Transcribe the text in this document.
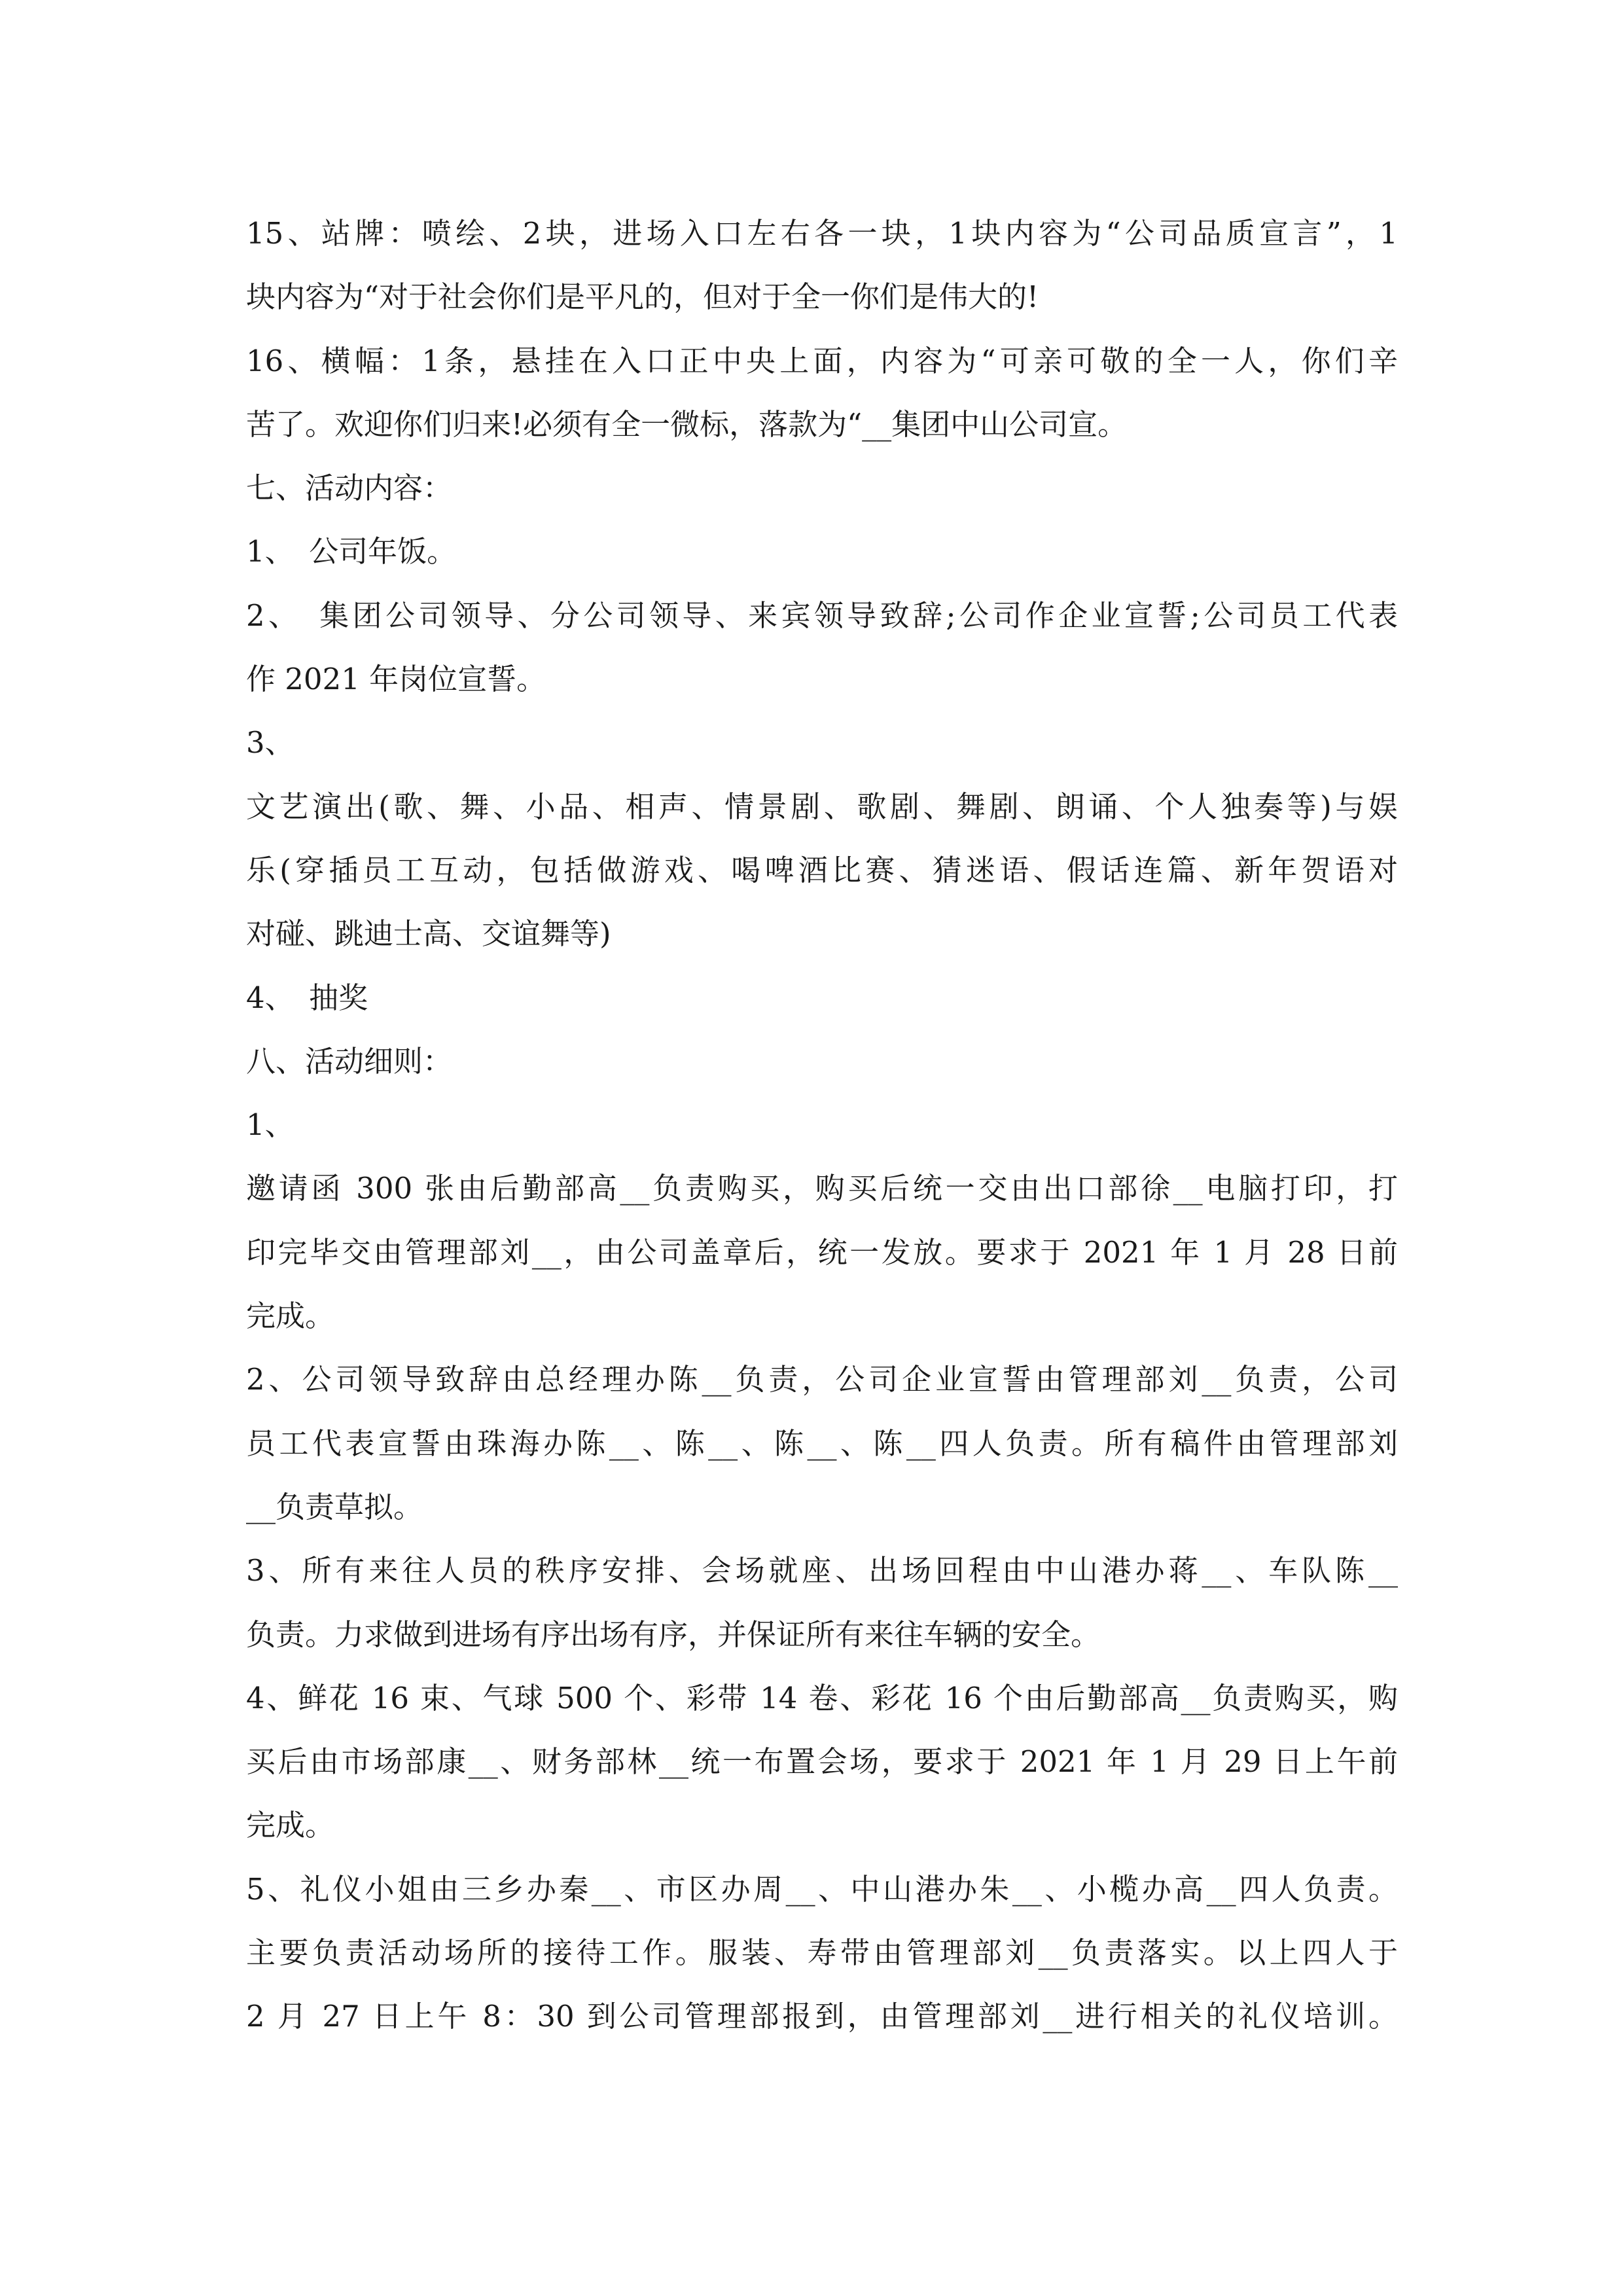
15、站牌：喷绘、2块，进场入口左右各一块，1块内容为“公司品质宣言”，1
块内容为“对于社会你们是平凡的，但对于全一你们是伟大的!
16、横幅：1条，悬挂在入口正中央上面，内容为“可亲可敬的全一人，你们辛
苦了。欢迎你们归来!必须有全一微标，落款为“__集团中山公司宣。
七、活动内容：
1、　公司年饭。
2、　集团公司领导、分公司领导、来宾领导致辞;公司作企业宣誓;公司员工代表
作 2021 年岗位宣誓。
3、
文艺演出(歌、舞、小品、相声、情景剧、歌剧、舞剧、朗诵、个人独奏等)与娱
乐(穿插员工互动，包括做游戏、喝啤酒比赛、猜迷语、假话连篇、新年贺语对
对碰、跳迪士高、交谊舞等)
4、　抽奖
八、活动细则：
1、
邀请函 300 张由后勤部高__负责购买，购买后统一交由出口部徐__电脑打印，打
印完毕交由管理部刘__，由公司盖章后，统一发放。要求于 2021 年 1 月 28 日前
完成。
2、公司领导致辞由总经理办陈__负责，公司企业宣誓由管理部刘__负责，公司
员工代表宣誓由珠海办陈__、陈__、陈__、陈__四人负责。所有稿件由管理部刘
__负责草拟。
3、所有来往人员的秩序安排、会场就座、出场回程由中山港办蒋__、车队陈__
负责。力求做到进场有序出场有序，并保证所有来往车辆的安全。
4、鲜花 16 束、气球 500 个、彩带 14 卷、彩花 16 个由后勤部高__负责购买，购
买后由市场部康__、财务部林__统一布置会场，要求于 2021 年 1 月 29 日上午前
完成。
5、礼仪小姐由三乡办秦__、市区办周__、中山港办朱__、小榄办高__四人负责。
主要负责活动场所的接待工作。服装、寿带由管理部刘__负责落实。以上四人于
2 月 27 日上午 8：30 到公司管理部报到，由管理部刘__进行相关的礼仪培训。
